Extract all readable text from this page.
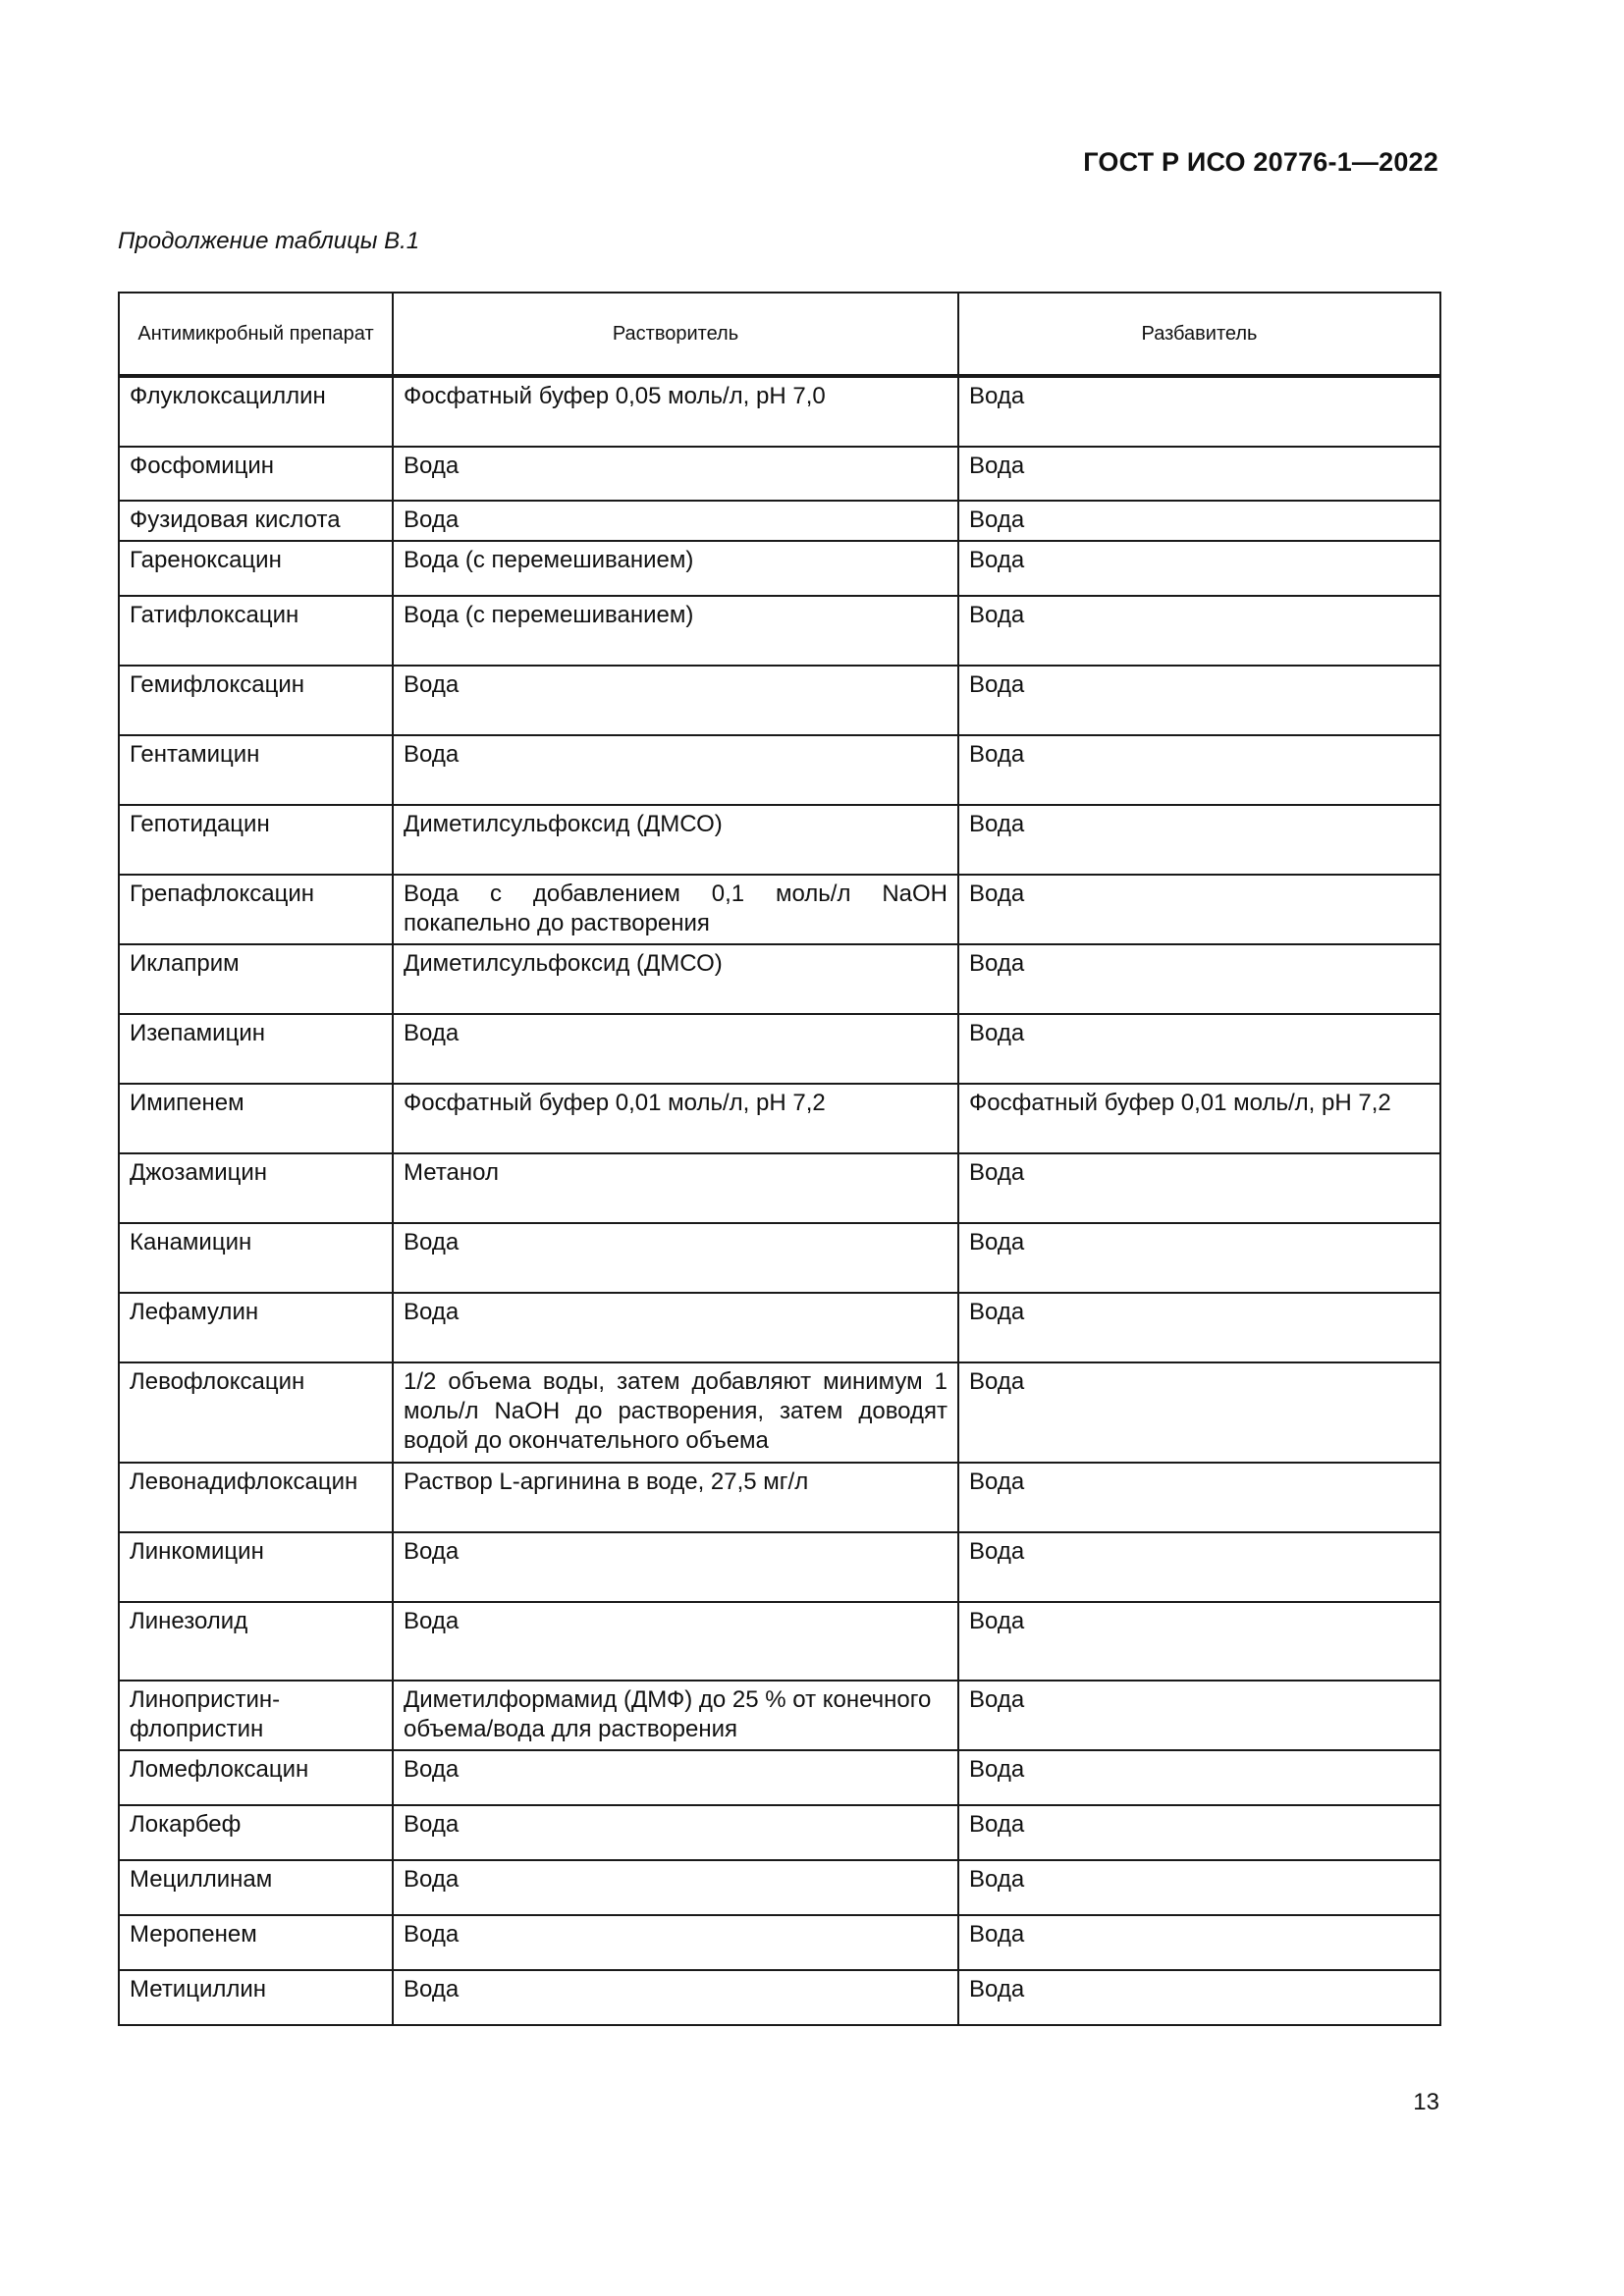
ГОСТ Р ИСО 20776-1—2022
Продолжение таблицы B.1
Антимикробный препарат	Растворитель	Разбавитель
Флуклоксациллин	Фосфатный буфер 0,05 моль/л, pH 7,0	Вода
Фосфомицин	Вода	Вода
Фузидовая кислота	Вода	Вода
Гареноксацин	Вода (с перемешиванием)	Вода
Гатифлоксацин	Вода (с перемешиванием)	Вода
Гемифлоксацин	Вода	Вода
Гентамицин	Вода	Вода
Гепотидацин	Диметилсульфоксид (ДМСО)	Вода
Грепафлоксацин	Вода с добавлением 0,1 моль/л NaOH покапельно до растворения	Вода
Иклаприм	Диметилсульфоксид (ДМСО)	Вода
Изепамицин	Вода	Вода
Имипенем	Фосфатный буфер 0,01 моль/л, pH 7,2	Фосфатный буфер 0,01 моль/л, pH 7,2
Джозамицин	Метанол	Вода
Канамицин	Вода	Вода
Лефамулин	Вода	Вода
Левофлоксацин	1/2 объема воды, затем добавляют минимум 1 моль/л NaOH до растворения, затем доводят водой до окончательного объема	Вода
Левонадифлоксацин	Раствор L-аргинина в воде, 27,5 мг/л	Вода
Линкомицин	Вода	Вода
Линезолид	Вода	Вода
Линопристин-флопристин	Диметилформамид (ДМФ) до 25 % от конечного объема/вода для растворения	Вода
Ломефлоксацин	Вода	Вода
Локарбеф	Вода	Вода
Мециллинам	Вода	Вода
Меропенем	Вода	Вода
Метициллин	Вода	Вода
13
